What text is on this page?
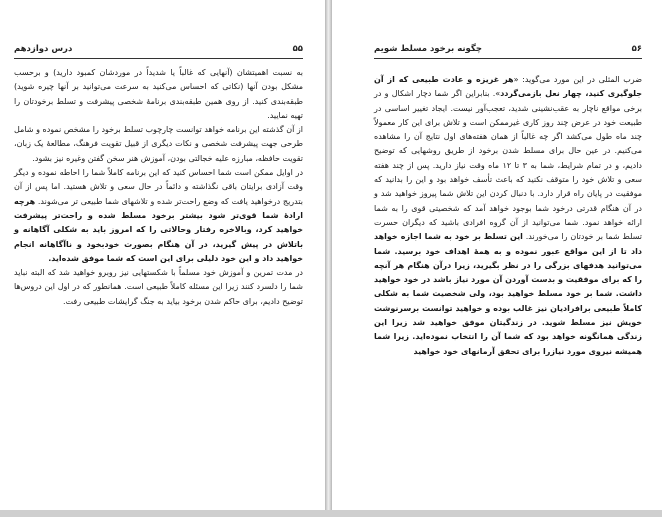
درس دوازدهم	۵۵

به نسبت اهمیتشان (آنهایی که غالباً یا شدیداً در موردشان کمبود دارید) و برحسب مشکل بودن آنها (نکاتی که احساس می‌کنید به سرعت می‌توانید بر آنها چیره شوید) طبقه‌بندی کنید. از روی همین طبقه‌بندی برنامهٔ شخصی پیشرفت و تسلط برخودتان را تهیه نمایید.

از آن گذشته این برنامه خواهد توانست چارچوب تسلط برخود را مشخص نموده و شامل طرحی جهت پیشرفت شخصی و نکات دیگری از قبیل تقویت فرهنگ، مطالعهٔ یک زبان، تقویت حافظه، مبارزه علیه خجالتی بودن، آموزش هنر سخن گفتن وغیره نیز بشود.

در اوایل ممکن است شما احساس کنید که این برنامه کاملاً شما را احاطه نموده و دیگر وقت آزادی برایتان باقی نگذاشته و دائماً در حال سعی و تلاش هستید. اما پس از آن بتدریج درخواهید یافت که وضع راحت‌تر شده و تلاشهای شما طبیعی تر می‌شوند. هرچه ارادهٔ شما قوی‌تر شود بیشتر برخود مسلط شده و راحت‌تر پیشرفت خواهید کرد، وبالاخره رفتار وحالاتی را که امروز باید به شکلی آگاهانه و باتلاش در پیش گیرید، در آن هنگام بصورت خودبخود و ناآگاهانه انجام خواهید داد و این خود دلیلی برای این است که شما موفق شده‌اید.

در مدت تمرین و آموزش خود مسلماً با شکستهایی نیز روبرو خواهید شد که البته نباید شما را دلسرد کنند زیرا این مسئله کاملاً طبیعی است. همانطور که در اول این دروس‌ها توضیح دادیم، برای حاکم شدن برخود بیاید به جنگ گرایشات طبیعی رفت.

چگونه برخود مسلط شویم	۵۶

ضرب المثلی در این مورد می‌گوید: «هر غریزه و عادت طبیعی که از آن جلوگیری کنید، چهار نعل بازمی‌گردد». بنابراین اگر شما دچار اشکال و در برخی مواقع ناچار به عقب‌نشینی شدید، تعجب‌آور نیست. ایجاد تغییر اساسی در طبیعت خود در عرض چند روز کاری غیرممکن است و تلاش برای این کار معمولاً چند ماه طول می‌کشد اگر چه غالباً از همان هفته‌های اول نتایج آن را مشاهده می‌کنیم. در عین حال برای مسلط شدن برخود از طریق روشهایی که توضیح دادیم، و در تمام شرایط، شما به ۳ تا ۱۲ ماه وقت نیاز دارید. پس از چند هفته سعی و تلاش خود را متوقف نکنید که باعث تأسف خواهد بود و این را بدانید که موفقیت در پایان راه قرار دارد. با دنبال کردن این تلاش شما پیروز خواهید شد و در آن هنگام قدرتی درخود شما بوجود خواهد آمد که شخصیتی قوی را به شما ارائه خواهد نمود. شما می‌توانید از آن گروه افرادی باشید که دیگران حسرت تسلط شما بر خودتان را می‌خورند. این تسلط بر خود به شما اجازه خواهد داد تا از این مواقع عبور نموده و به همهٔ اهداف خود برسید. شما می‌توانید هدفهای بزرگی را در نظر بگیرید، زیرا درآن هنگام هر آنچه را که برای موفقیت و بدست آوردن آن مورد نیاز باشد در خود خواهید داشت. شما بر خود مسلط خواهید بود، ولی شخصیت شما به شکلی کاملاً طبیعی برافرادیان نیز غالب بوده و خواهید توانست برسرنوشت خویش نیز مسلط شوید. در زندگیتان موفق خواهید شد زیرا این زندگی همانگونه خواهد بود که شما آن را انتخاب نموده‌اید. زیرا شما همیشه نیروی مورد نیازرا برای تحقق آرمانهای خود خواهید
